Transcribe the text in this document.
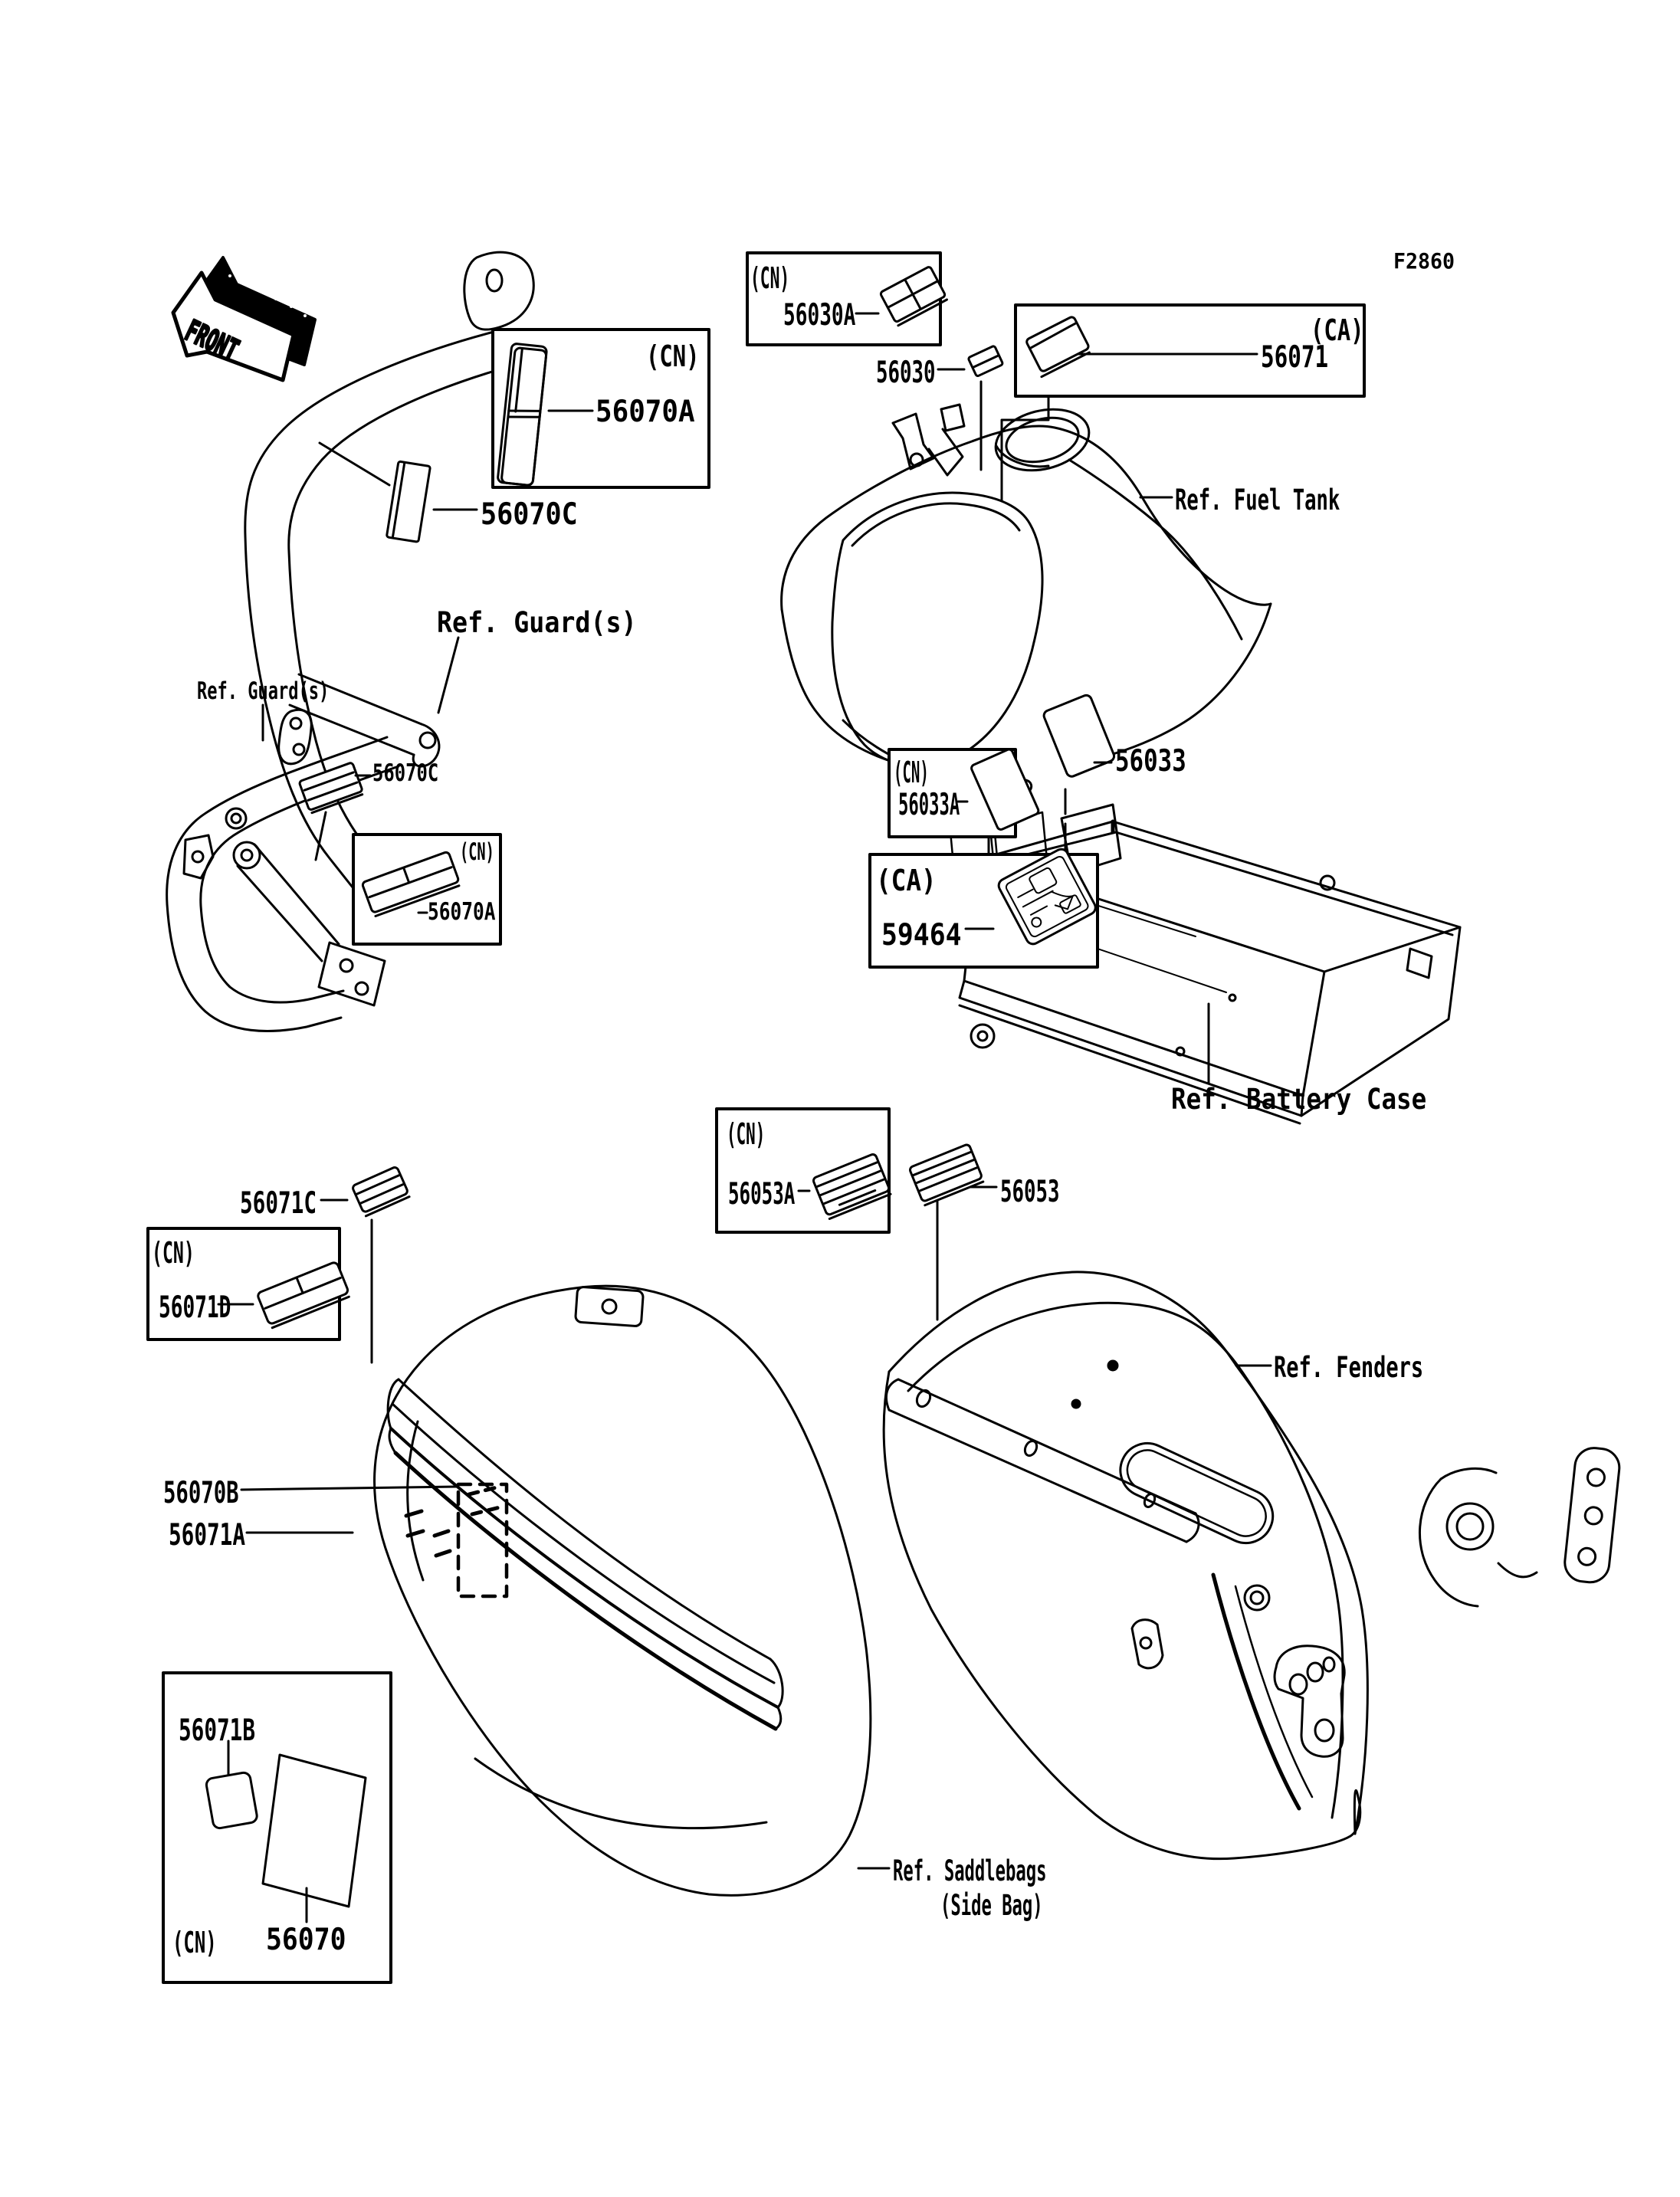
FRONT
F2860
(CN)
56070A
56070C
Ref. Guard(s)
Ref. Guard(s)
56070C
(CN)
56070A
(CN)
56030A
56030
(CA)
56071
Ref. Fuel Tank
56033
(CN)
56033A
(CA)
59464
Ref. Battery Case
56071C
(CN)
56071D
56070B
56071A
56071B
(CN) 56070
Ref. Saddlebags
(Side Bag)
(CN)
56053A	56053
Ref. Fenders
